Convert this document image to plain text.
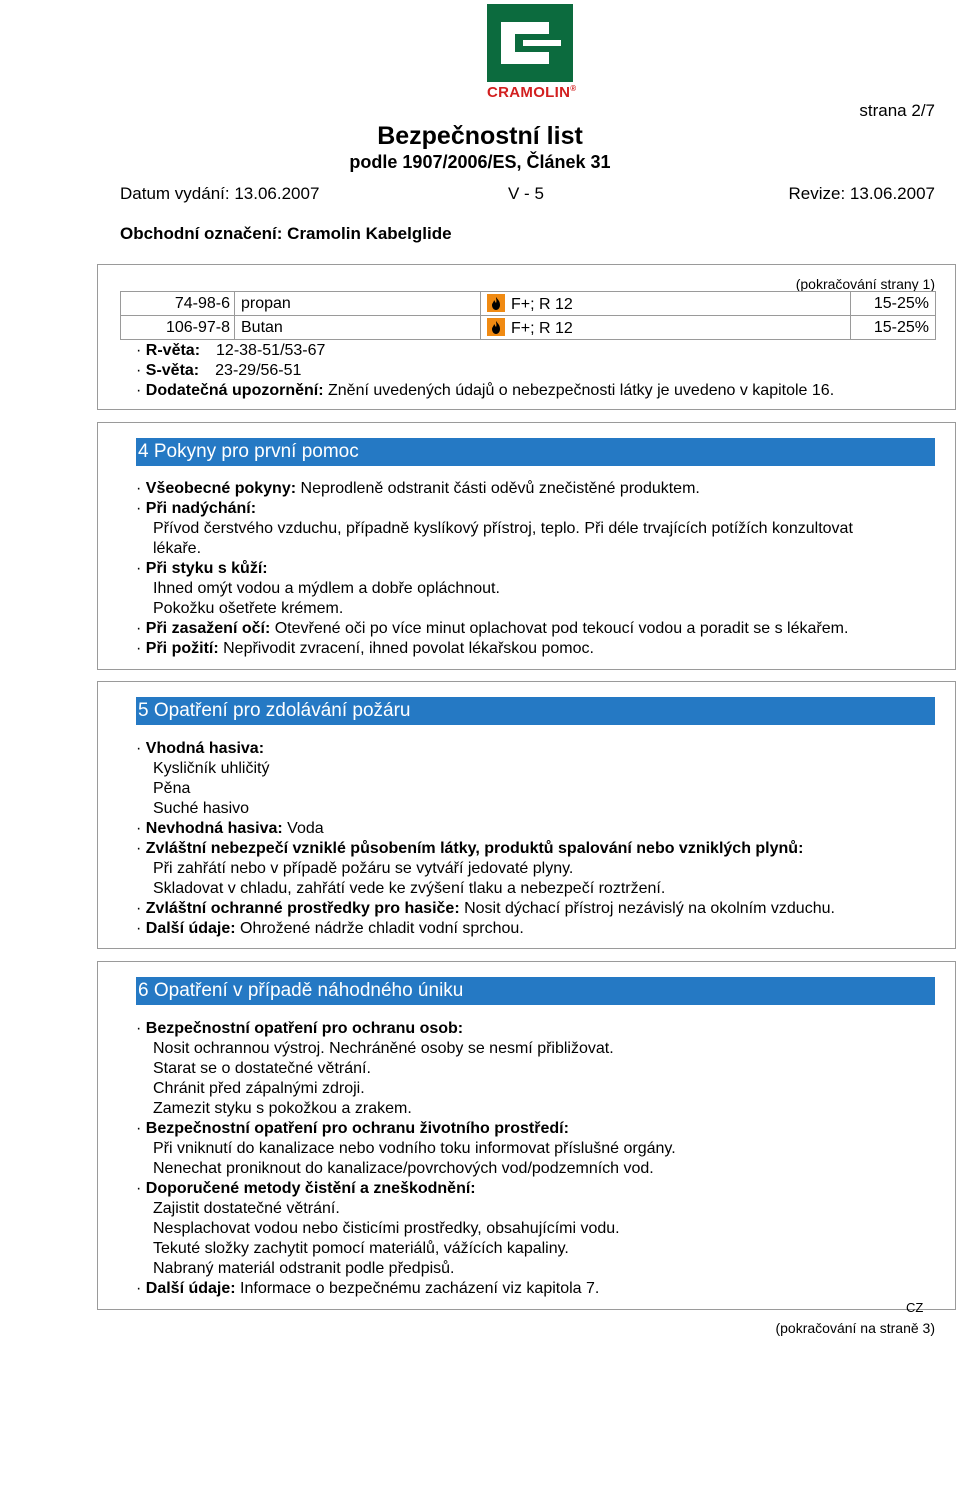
CRAMOLIN®
strana 2/7
Bezpečnostní list
podle 1907/2006/ES, Článek 31
Datum vydání: 13.06.2007	V - 5	Revize: 13.06.2007
Obchodní označení: Cramolin Kabelglide
(pokračování strany 1)
74-98-6	propan	F+; R 12	15-25%
106-97-8	Butan	F+; R 12	15-25%
· R-věta: 12-38-51/53-67
· S-věta: 23-29/56-51
· Dodatečná upozornění: Znění uvedených údajů o nebezpečnosti látky je uvedeno v kapitole 16.
4 Pokyny pro první pomoc
· Všeobecné pokyny: Neprodleně odstranit části oděvů znečistěné produktem.
· Při nadýchání:
Přívod čerstvého vzduchu, případně kyslíkový přístroj, teplo. Při déle trvajících potížích konzultovat
lékaře.
· Při styku s kůží:
Ihned omýt vodou a mýdlem a dobře opláchnout.
Pokožku ošetřete krémem.
· Při zasažení očí: Otevřené oči po více minut oplachovat pod tekoucí vodou a poradit se s lékařem.
· Při požití: Nepřivodit zvracení, ihned povolat lékařskou pomoc.
5 Opatření pro zdolávání požáru
· Vhodná hasiva:
Kysličník uhličitý
Pěna
Suché hasivo
· Nevhodná hasiva: Voda
· Zvláštní nebezpečí vzniklé působením látky, produktů spalování nebo vzniklých plynů:
Při zahřátí nebo v případě požáru se vytváří jedovaté plyny.
Skladovat v chladu, zahřátí vede ke zvýšení tlaku a nebezpečí roztržení.
· Zvláštní ochranné prostředky pro hasiče: Nosit dýchací přístroj nezávislý na okolním vzduchu.
· Další údaje: Ohrožené nádrže chladit vodní sprchou.
6 Opatření v případě náhodného úniku
· Bezpečnostní opatření pro ochranu osob:
Nosit ochrannou výstroj. Nechráněné osoby se nesmí přibližovat.
Starat se o dostatečné větrání.
Chránit před zápalnými zdroji.
Zamezit styku s pokožkou a zrakem.
· Bezpečnostní opatření pro ochranu životního prostředí:
Při vniknutí do kanalizace nebo vodního toku informovat příslušné orgány.
Nenechat proniknout do kanalizace/povrchových vod/podzemních vod.
· Doporučené metody čistění a zneškodnění:
Zajistit dostatečné větrání.
Nesplachovat vodou nebo čisticími prostředky, obsahujícími vodu.
Tekuté složky zachytit pomocí materiálů, vážících kapaliny.
Nabraný materiál odstranit podle předpisů.
· Další údaje: Informace o bezpečnému zacházení viz kapitola 7.
CZ
(pokračování na straně 3)
